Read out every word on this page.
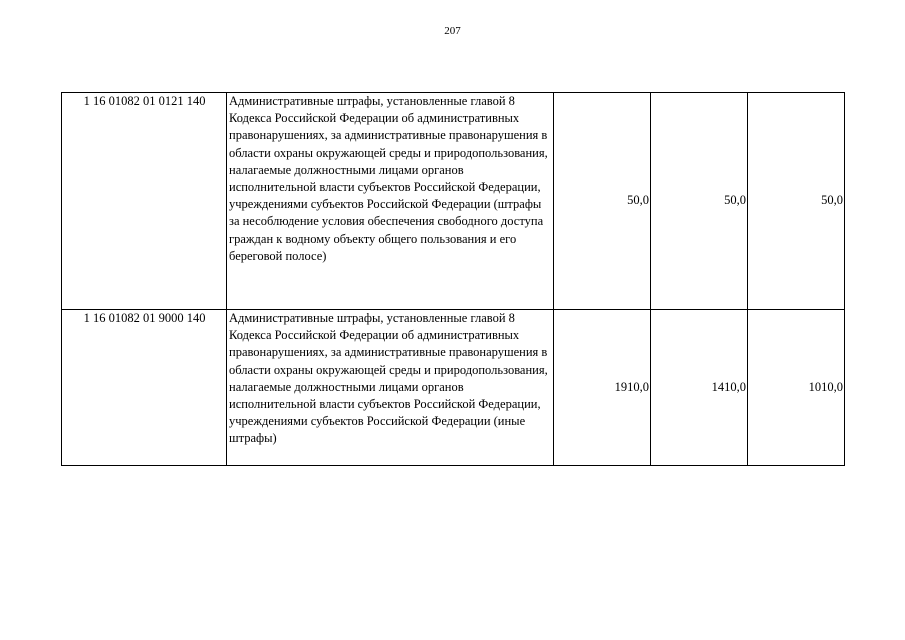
207
1 16 01082 01 0121 140	Административные штрафы, установленные главой 8 Кодекса Российской Федерации об административных правонарушениях, за административные правонарушения в области охраны окружающей среды и природопользования, налагаемые должностными лицами органов исполнительной власти субъектов Российской Федерации, учреждениями субъектов Российской Федерации (штрафы за несоблюдение условия обеспечения свободного доступа граждан к водному объекту общего пользования и его береговой полосе)	50,0	50,0	50,0
1 16 01082 01 9000 140	Административные штрафы, установленные главой 8 Кодекса Российской Федерации об административных правонарушениях, за административные правонарушения в области охраны окружающей среды и природопользования, налагаемые должностными лицами органов исполнительной власти субъектов Российской Федерации, учреждениями субъектов Российской Федерации (иные штрафы)	1910,0	1410,0	1010,0
